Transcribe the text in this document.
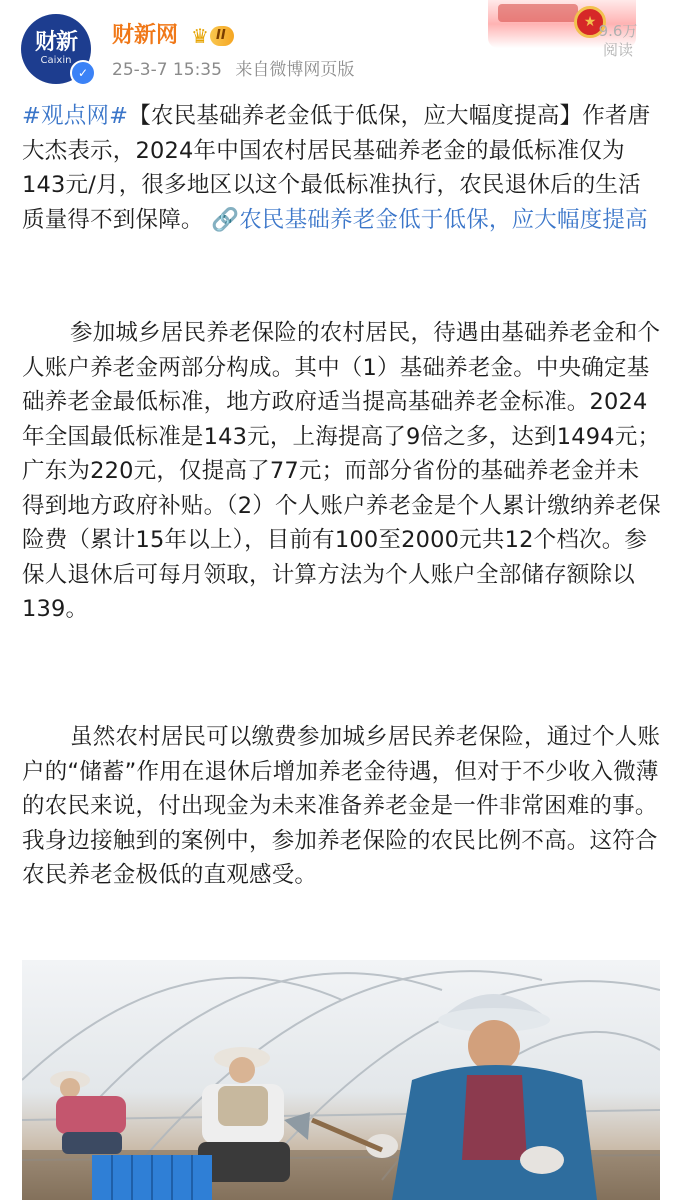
财新
Caixin
✓
财新网 ♛ II
25-3-7 15:35 来自微博网页版
★ 9.6万
阅读

#观点网#【农民基础养老金低于低保，应大幅度提高】作者唐大杰表示，2024年中国农村居民基础养老金的最低标准仅为143元/月，很多地区以这个最低标准执行，农民退休后的生活质量得不到保障。 🔗农民基础养老金低于低保，应大幅度提高

参加城乡居民养老保险的农村居民，待遇由基础养老金和个人账户养老金两部分构成。其中（1）基础养老金。中央确定基础养老金最低标准，地方政府适当提高基础养老金标准。2024年全国最低标准是143元，上海提高了9倍之多，达到1494元；广东为220元，仅提高了77元；而部分省份的基础养老金并未得到地方政府补贴。（2）个人账户养老金是个人累计缴纳养老保险费（累计15年以上），目前有100至2000元共12个档次。参保人退休后可每月领取，计算方法为个人账户全部储存额除以139。

虽然农村居民可以缴费参加城乡居民养老保险，通过个人账户的“储蓄”作用在退休后增加养老金待遇，但对于不少收入微薄的农民来说，付出现金为未来准备养老金是一件非常困难的事。我身边接触到的案例中，参加养老保险的农民比例不高。这符合农民养老金极低的直观感受。
